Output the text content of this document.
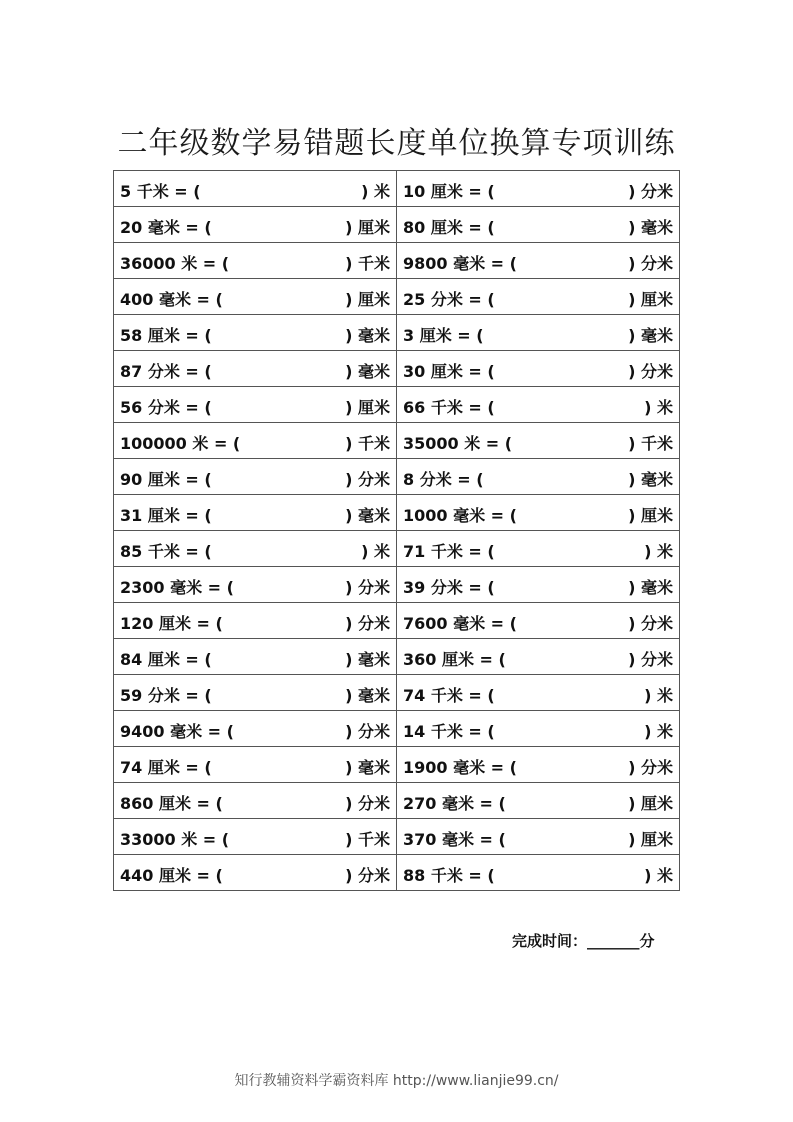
二年级数学易错题长度单位换算专项训练
5 千米 = ( ) 米	10 厘米 = ( ) 分米

20 毫米 = ( ) 厘米	80 厘米 = ( ) 毫米

36000 米 = ( ) 千米	9800 毫米 = ( ) 分米

400 毫米 = ( ) 厘米	25 分米 = ( ) 厘米

58 厘米 = ( ) 毫米	3 厘米 = ( ) 毫米

87 分米 = ( ) 毫米	30 厘米 = ( ) 分米

56 分米 = ( ) 厘米	66 千米 = ( ) 米

100000 米 = ( ) 千米	35000 米 = ( ) 千米

90 厘米 = ( ) 分米	8 分米 = ( ) 毫米

31 厘米 = ( ) 毫米	1000 毫米 = ( ) 厘米

85 千米 = ( ) 米	71 千米 = ( ) 米

2300 毫米 = ( ) 分米	39 分米 = ( ) 毫米

120 厘米 = ( ) 分米	7600 毫米 = ( ) 分米

84 厘米 = ( ) 毫米	360 厘米 = ( ) 分米

59 分米 = ( ) 毫米	74 千米 = ( ) 米

9400 毫米 = ( ) 分米	14 千米 = ( ) 米

74 厘米 = ( ) 毫米	1900 毫米 = ( ) 分米

860 厘米 = ( ) 分米	270 毫米 = ( ) 厘米

33000 米 = ( ) 千米	370 毫米 = ( ) 厘米

440 厘米 = ( ) 分米	88 千米 = ( ) 米
完成时间：_______分
知行教辅资料学霸资料库 http://www.lianjie99.cn/
